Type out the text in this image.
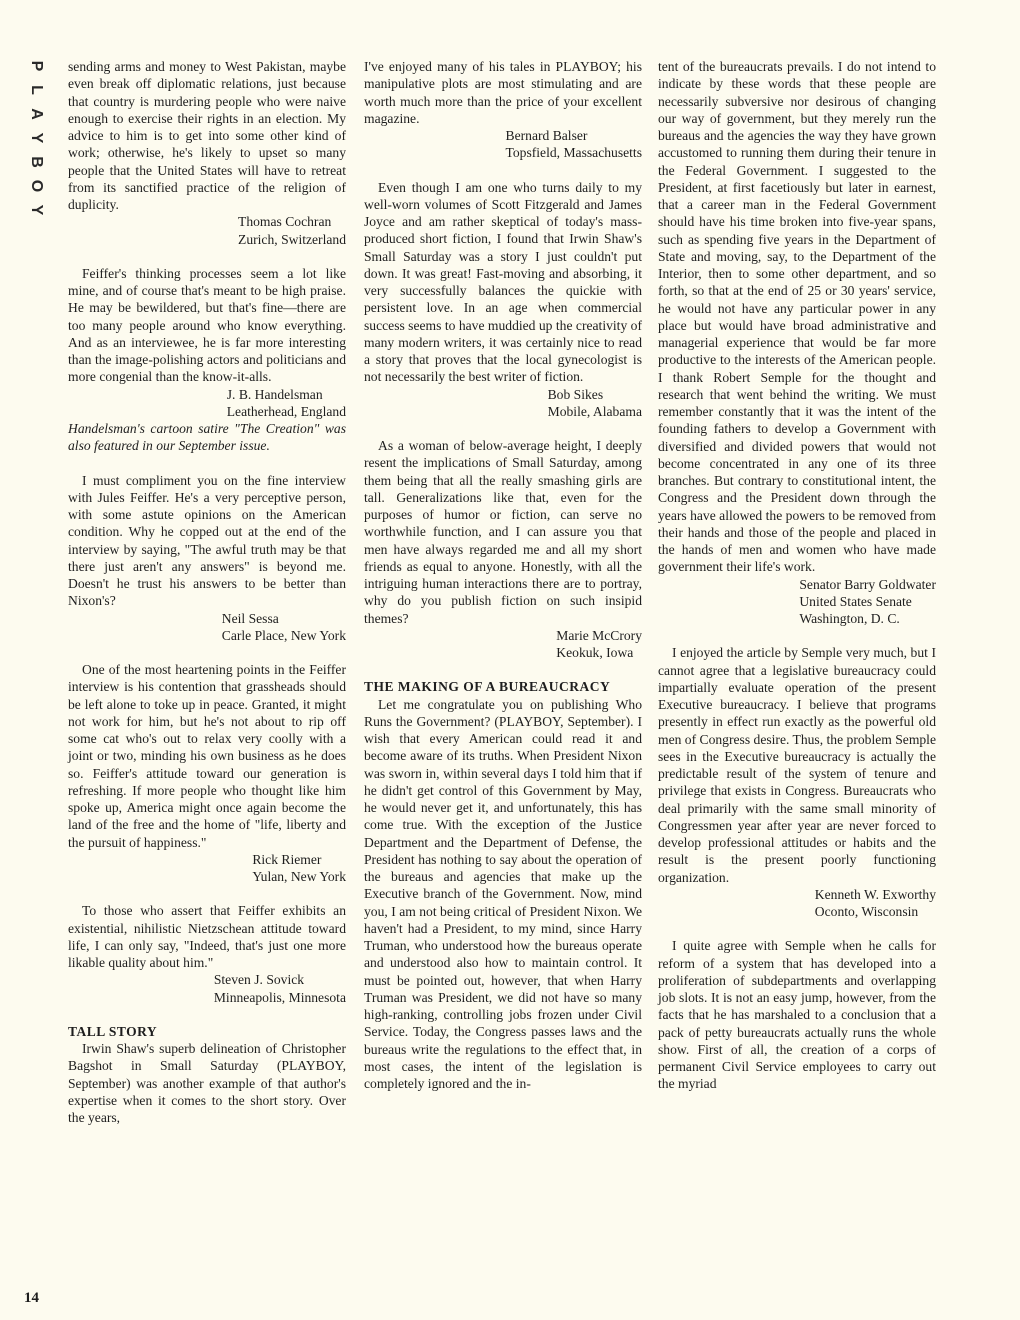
P
L
A
Y
B
O
Y

sending arms and money to West Pakistan, maybe even break off diplomatic relations, just because that country is murdering people who were naive enough to exercise their rights in an election. My advice to him is to get into some other kind of work; otherwise, he's likely to upset so many people that the United States will have to retreat from its sanctified practice of the religion of duplicity.

Thomas Cochran
Zurich, Switzerland

Feiffer's thinking processes seem a lot like mine, and of course that's meant to be high praise. He may be bewildered, but that's fine—there are too many people around who know everything. And as an interviewee, he is far more interesting than the image-polishing actors and politicians and more congenial than the know-it-alls.

J. B. Handelsman
Leatherhead, England

Handelsman's cartoon satire "The Creation" was also featured in our September issue.

I must compliment you on the fine interview with Jules Feiffer. He's a very perceptive person, with some astute opinions on the American condition. Why he copped out at the end of the interview by saying, "The awful truth may be that there just aren't any answers" is beyond me. Doesn't he trust his answers to be better than Nixon's?

Neil Sessa
Carle Place, New York

One of the most heartening points in the Feiffer interview is his contention that grassheads should be left alone to toke up in peace. Granted, it might not work for him, but he's not about to rip off some cat who's out to relax very coolly with a joint or two, minding his own business as he does so. Feiffer's attitude toward our generation is refreshing. If more people who thought like him spoke up, America might once again become the land of the free and the home of "life, liberty and the pursuit of happiness."

Rick Riemer
Yulan, New York

To those who assert that Feiffer exhibits an existential, nihilistic Nietzschean attitude toward life, I can only say, "Indeed, that's just one more likable quality about him."

Steven J. Sovick
Minneapolis, Minnesota

TALL STORY

Irwin Shaw's superb delineation of Christopher Bagshot in Small Saturday (PLAYBOY, September) was another example of that author's expertise when it comes to the short story. Over the years,

I've enjoyed many of his tales in PLAYBOY; his manipulative plots are most stimulating and are worth much more than the price of your excellent magazine.

Bernard Balser
Topsfield, Massachusetts

Even though I am one who turns daily to my well-worn volumes of Scott Fitzgerald and James Joyce and am rather skeptical of today's mass-produced short fiction, I found that Irwin Shaw's Small Saturday was a story I just couldn't put down. It was great! Fast-moving and absorbing, it very successfully balances the quickie with persistent love. In an age when commercial success seems to have muddied up the creativity of many modern writers, it was certainly nice to read a story that proves that the local gynecologist is not necessarily the best writer of fiction.

Bob Sikes
Mobile, Alabama

As a woman of below-average height, I deeply resent the implications of Small Saturday, among them being that all the really smashing girls are tall. Generalizations like that, even for the purposes of humor or fiction, can serve no worthwhile function, and I can assure you that men have always regarded me and all my short friends as equal to anyone. Honestly, with all the intriguing human interactions there are to portray, why do you publish fiction on such insipid themes?

Marie McCrory
Keokuk, Iowa

THE MAKING OF A BUREAUCRACY

Let me congratulate you on publishing Who Runs the Government? (PLAYBOY, September). I wish that every American could read it and become aware of its truths. When President Nixon was sworn in, within several days I told him that if he didn't get control of this Government by May, he would never get it, and unfortunately, this has come true. With the exception of the Justice Department and the Department of Defense, the President has nothing to say about the operation of the bureaus and agencies that make up the Executive branch of the Government. Now, mind you, I am not being critical of President Nixon. We haven't had a President, to my mind, since Harry Truman, who understood how the bureaus operate and understood also how to maintain control. It must be pointed out, however, that when Harry Truman was President, we did not have so many high-ranking, controlling jobs frozen under Civil Service. Today, the Congress passes laws and the bureaus write the regulations to the effect that, in most cases, the intent of the legislation is completely ignored and the in-

tent of the bureaucrats prevails. I do not intend to indicate by these words that these people are necessarily subversive nor desirous of changing our way of government, but they merely run the bureaus and the agencies the way they have grown accustomed to running them during their tenure in the Federal Government. I suggested to the President, at first facetiously but later in earnest, that a career man in the Federal Government should have his time broken into five-year spans, such as spending five years in the Department of State and moving, say, to the Department of the Interior, then to some other department, and so forth, so that at the end of 25 or 30 years' service, he would not have any particular power in any place but would have broad administrative and managerial experience that would be far more productive to the interests of the American people. I thank Robert Semple for the thought and research that went behind the writing. We must remember constantly that it was the intent of the founding fathers to develop a Government with diversified and divided powers that would not become concentrated in any one of its three branches. But contrary to constitutional intent, the Congress and the President down through the years have allowed the powers to be removed from their hands and those of the people and placed in the hands of men and women who have made government their life's work.

Senator Barry Goldwater
United States Senate
Washington, D. C.

I enjoyed the article by Semple very much, but I cannot agree that a legislative bureaucracy could impartially evaluate operation of the present Executive bureaucracy. I believe that programs presently in effect run exactly as the powerful old men of Congress desire. Thus, the problem Semple sees in the Executive bureaucracy is actually the predictable result of the system of tenure and privilege that exists in Congress. Bureaucrats who deal primarily with the same small minority of Congressmen year after year are never forced to develop professional attitudes or habits and the result is the present poorly functioning organization.

Kenneth W. Exworthy
Oconto, Wisconsin

I quite agree with Semple when he calls for reform of a system that has developed into a proliferation of subdepartments and overlapping job slots. It is not an easy jump, however, from the facts that he has marshaled to a conclusion that a pack of petty bureaucrats actually runs the whole show. First of all, the creation of a corps of permanent Civil Service employees to carry out the myriad

14
